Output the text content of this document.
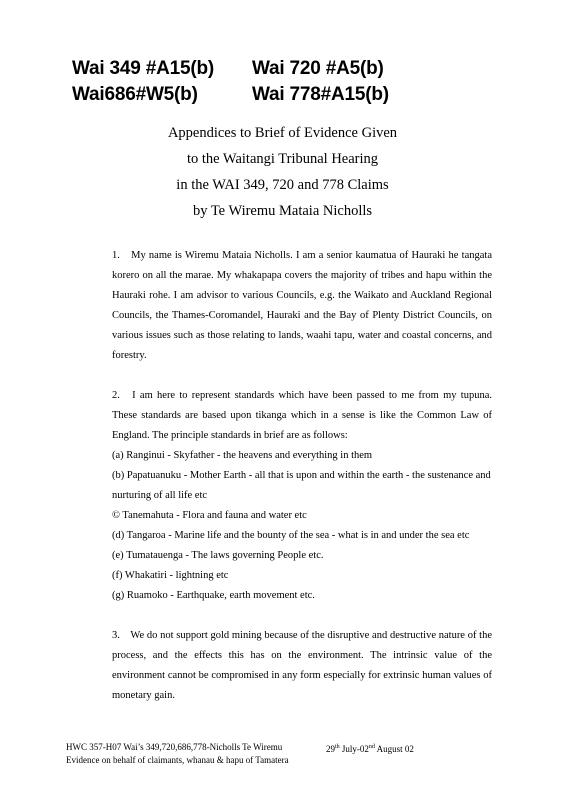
Wai 349 #A15(b)	Wai 720 #A5(b)
Wai686#W5(b)	Wai 778#A15(b)
Appendices to Brief of Evidence Given
to the Waitangi Tribunal Hearing
in the WAI 349, 720 and 778 Claims
by Te Wiremu Mataia Nicholls

1. My name is Wiremu Mataia Nicholls. I am a senior kaumatua of Hauraki he tangata korero on all the marae. My whakapapa covers the majority of tribes and hapu within the Hauraki rohe. I am advisor to various Councils, e.g. the Waikato and Auckland Regional Councils, the Thames-Coromandel, Hauraki and the Bay of Plenty District Councils, on various issues such as those relating to lands, waahi tapu, water and coastal concerns, and forestry.

2. I am here to represent standards which have been passed to me from my tupuna. These standards are based upon tikanga which in a sense is like the Common Law of England. The principle standards in brief are as follows:

(a) Ranginui - Skyfather - the heavens and everything in them

(b) Papatuanuku - Mother Earth - all that is upon and within the earth - the sustenance and nurturing of all life etc

© Tanemahuta - Flora and fauna and water etc

(d) Tangaroa - Marine life and the bounty of the sea - what is in and under the sea etc

(e) Tumatauenga - The laws governing People etc.

(f) Whakatiri - lightning etc

(g) Ruamoko - Earthquake, earth movement etc.

3. We do not support gold mining because of the disruptive and destructive nature of the process, and the effects this has on the environment. The intrinsic value of the environment cannot be compromised in any form especially for extrinsic human values of monetary gain.

HWC 357-H07 Wai’s 349,720,686,778-Nicholls Te Wiremu	29th July-02nd August 02
Evidence on behalf of claimants, whanau & hapu of Tamatera
